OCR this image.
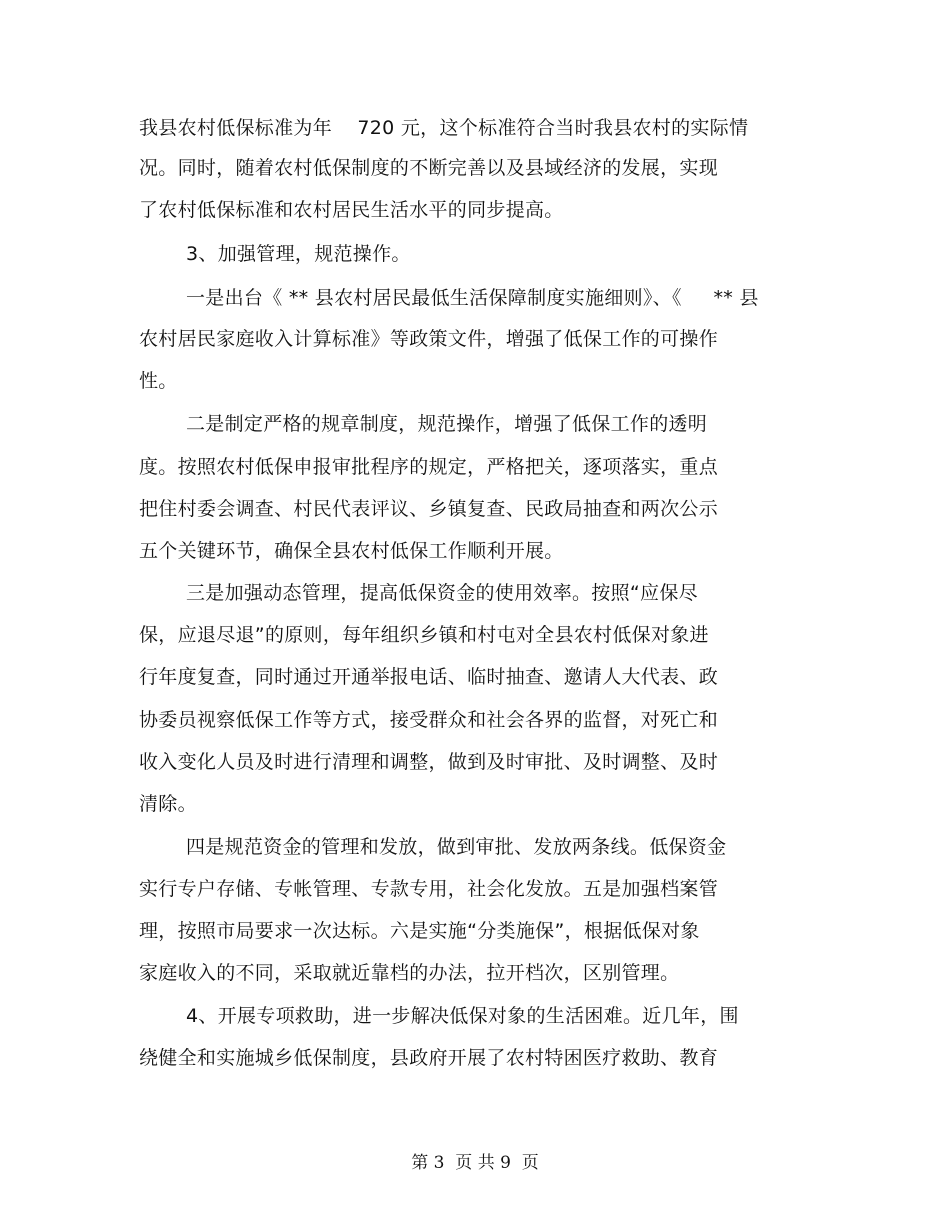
我县农村低保标准为年    720 元，这个标准符合当时我县农村的实际情
况。同时，随着农村低保制度的不断完善以及县域经济的发展，实现
了农村低保标准和农村居民生活水平的同步提高。
3、加强管理，规范操作。
一是出台《 ** 县农村居民最低生活保障制度实施细则》、《     ** 县
农村居民家庭收入计算标准》等政策文件，增强了低保工作的可操作
性。
二是制定严格的规章制度，规范操作，增强了低保工作的透明
度。按照农村低保申报审批程序的规定，严格把关，逐项落实，重点
把住村委会调查、村民代表评议、乡镇复查、民政局抽查和两次公示
五个关键环节，确保全县农村低保工作顺利开展。
三是加强动态管理，提高低保资金的使用效率。按照“应保尽
保，应退尽退”的原则，每年组织乡镇和村屯对全县农村低保对象进
行年度复查，同时通过开通举报电话、临时抽查、邀请人大代表、政
协委员视察低保工作等方式，接受群众和社会各界的监督，对死亡和
收入变化人员及时进行清理和调整，做到及时审批、及时调整、及时
清除。
四是规范资金的管理和发放，做到审批、发放两条线。低保资金
实行专户存储、专帐管理、专款专用，社会化发放。五是加强档案管
理，按照市局要求一次达标。六是实施“分类施保”，根据低保对象
家庭收入的不同，采取就近靠档的办法，拉开档次，区别管理。
4、开展专项救助，进一步解决低保对象的生活困难。近几年，围
绕健全和实施城乡低保制度，县政府开展了农村特困医疗救助、教育
第 3  页 共 9  页
